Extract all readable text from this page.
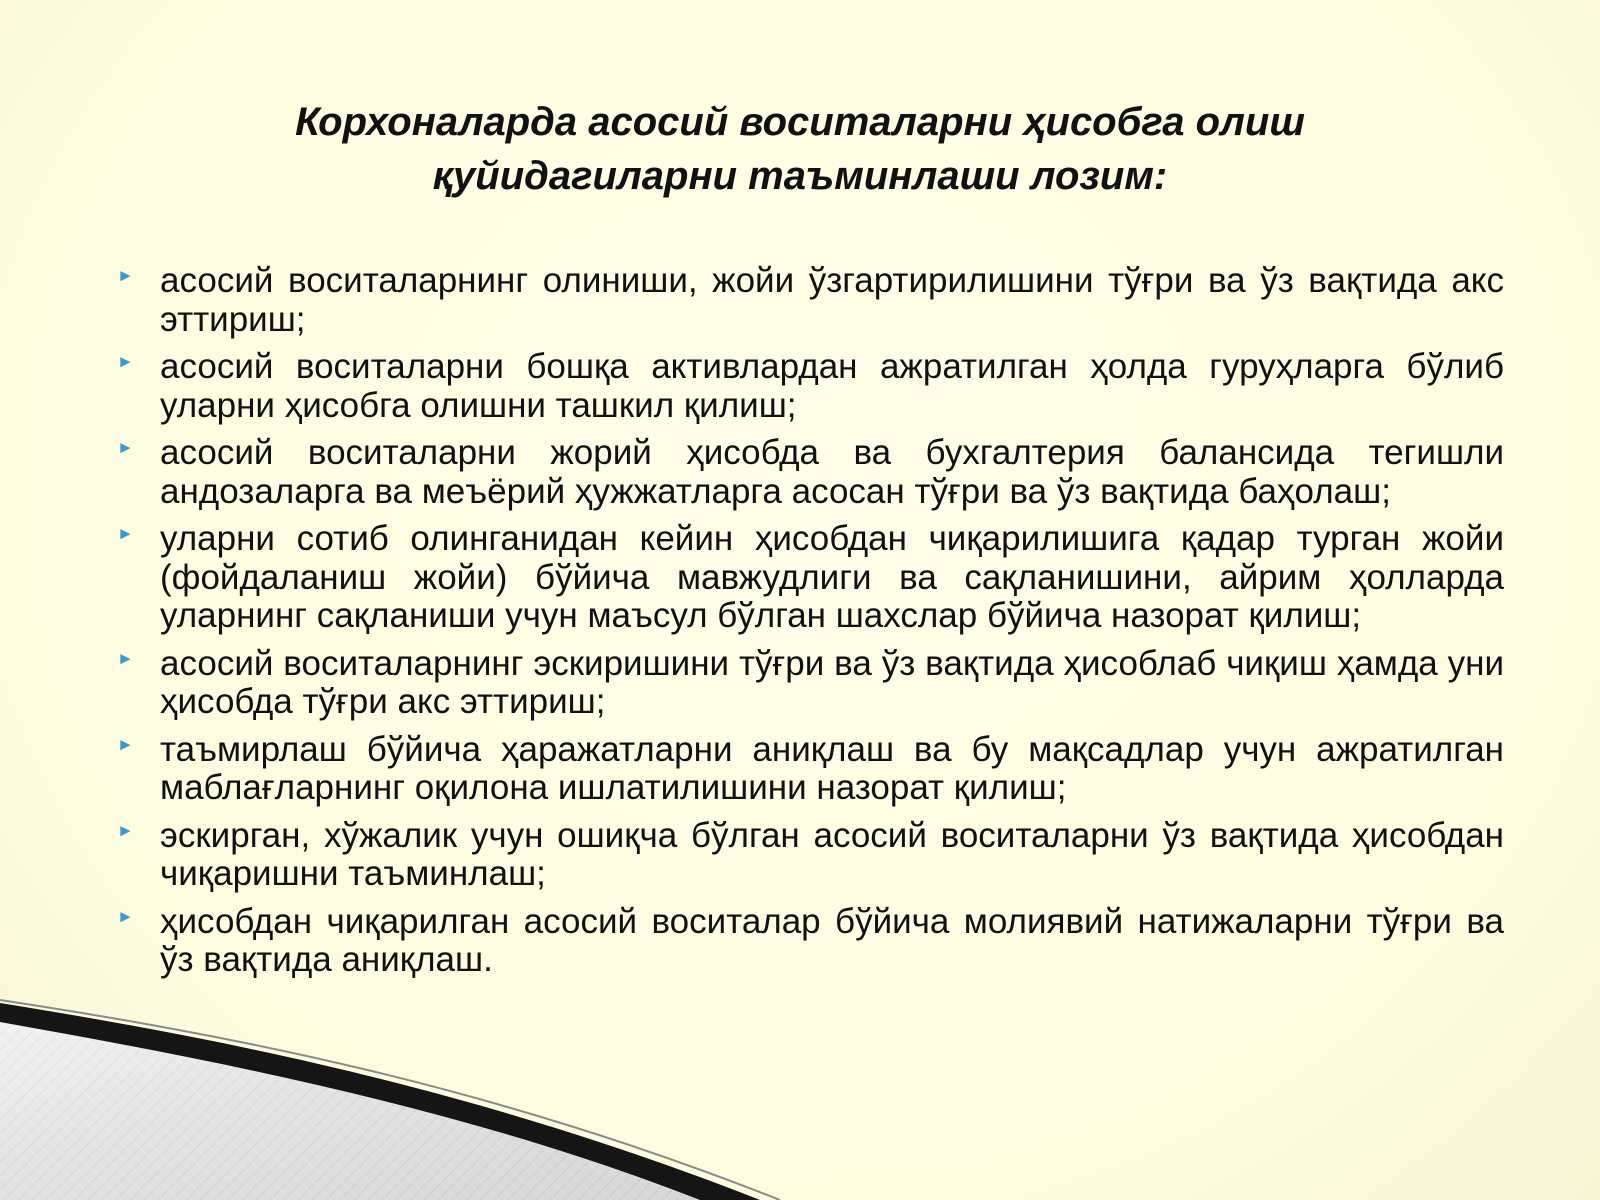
Корхоналарда асосий воситаларни ҳисобга олиш
қуйидагиларни таъминлаши лозим:
► асосий воситаларнинг олиниши, жойи ўзгартирилишини тўғри ва ўз вақтида акс эттириш;
► асосий воситаларни бошқа активлардан ажратилган ҳолда гуруҳларга бўлиб уларни ҳисобга олишни ташкил қилиш;
► асосий воситаларни жорий ҳисобда ва бухгалтерия балансида тегишли андозаларга ва меъёрий ҳужжатларга асосан тўғри ва ўз вақтида баҳолаш;
► уларни сотиб олинганидан кейин ҳисобдан чиқарилишига қадар турган жойи (фойдаланиш жойи) бўйича мавжудлиги ва сақланишини, айрим ҳолларда уларнинг сақланиши учун маъсул бўлган шахслар бўйича назорат қилиш;
► асосий воситаларнинг эскиришини тўғри ва ўз вақтида ҳисоблаб чиқиш ҳамда уни ҳисобда тўғри акс эттириш;
► таъмирлаш бўйича ҳаражатларни аниқлаш ва бу мақсадлар учун ажратилган маблағларнинг оқилона ишлатилишини назорат қилиш;
► эскирган, хўжалик учун ошиқча бўлган асосий воситаларни ўз вақтида ҳисобдан чиқаришни таъминлаш;
► ҳисобдан чиқарилган асосий воситалар бўйича молиявий натижаларни тўғри ва ўз вақтида аниқлаш.
